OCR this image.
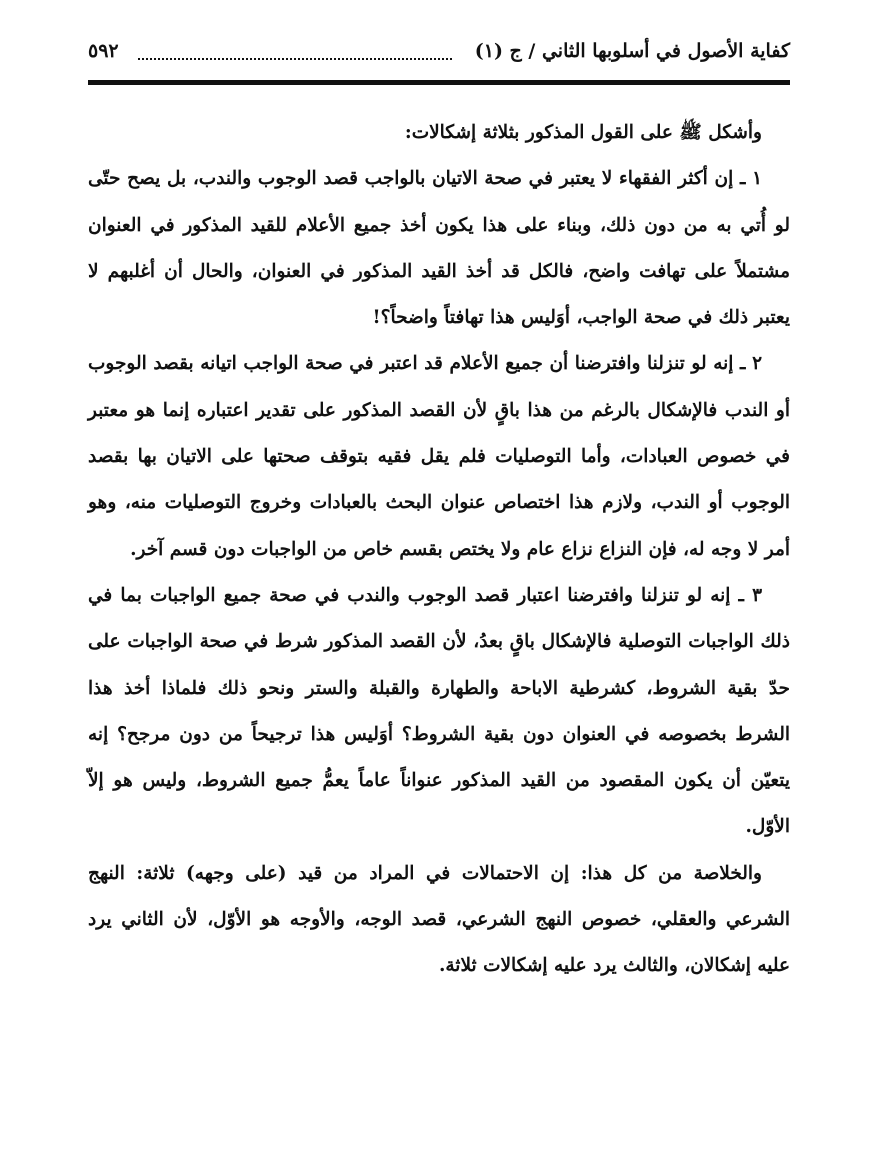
كفاية الأصول في أسلوبها الثاني / ج (١)
٥٩٢

وأشكل ﷺ على القول المذكور بثلاثة إشكالات:

١ ـ إن أكثر الفقهاء لا يعتبر في صحة الاتيان بالواجب قصد الوجوب والندب، بل يصح حتّى لو أُتي به من دون ذلك، وبناء على هذا يكون أخذ جميع الأعلام للقيد المذكور في العنوان مشتملاً على تهافت واضح، فالكل قد أخذ القيد المذكور في العنوان، والحال أن أغلبهم لا يعتبر ذلك في صحة الواجب، أوَليس هذا تهافتاً واضحاً؟!

٢ ـ إنه لو تنزلنا وافترضنا أن جميع الأعلام قد اعتبر في صحة الواجب اتيانه بقصد الوجوب أو الندب فالإشكال بالرغم من هذا باقٍ لأن القصد المذكور على تقدير اعتباره إنما هو معتبر في خصوص العبادات، وأما التوصليات فلم يقل فقيه بتوقف صحتها على الاتيان بها بقصد الوجوب أو الندب، ولازم هذا اختصاص عنوان البحث بالعبادات وخروج التوصليات منه، وهو أمر لا وجه له، فإن النزاع نزاع عام ولا يختص بقسم خاص من الواجبات دون قسم آخر.

٣ ـ إنه لو تنزلنا وافترضنا اعتبار قصد الوجوب والندب في صحة جميع الواجبات بما في ذلك الواجبات التوصلية فالإشكال باقٍ بعدُ، لأن القصد المذكور شرط في صحة الواجبات على حدّ بقية الشروط، كشرطية الاباحة والطهارة والقبلة والستر ونحو ذلك فلماذا أخذ هذا الشرط بخصوصه في العنوان دون بقية الشروط؟ أوَليس هذا ترجيحاً من دون مرجح؟ إنه يتعيّن أن يكون المقصود من القيد المذكور عنواناً عاماً يعمُّ جميع الشروط، وليس هو إلاّ الأوّل.

والخلاصة من كل هذا: إن الاحتمالات في المراد من قيد (على وجهه) ثلاثة: النهج الشرعي والعقلي، خصوص النهج الشرعي، قصد الوجه، والأوجه هو الأوّل، لأن الثاني يرد عليه إشكالان، والثالث يرد عليه إشكالات ثلاثة.
